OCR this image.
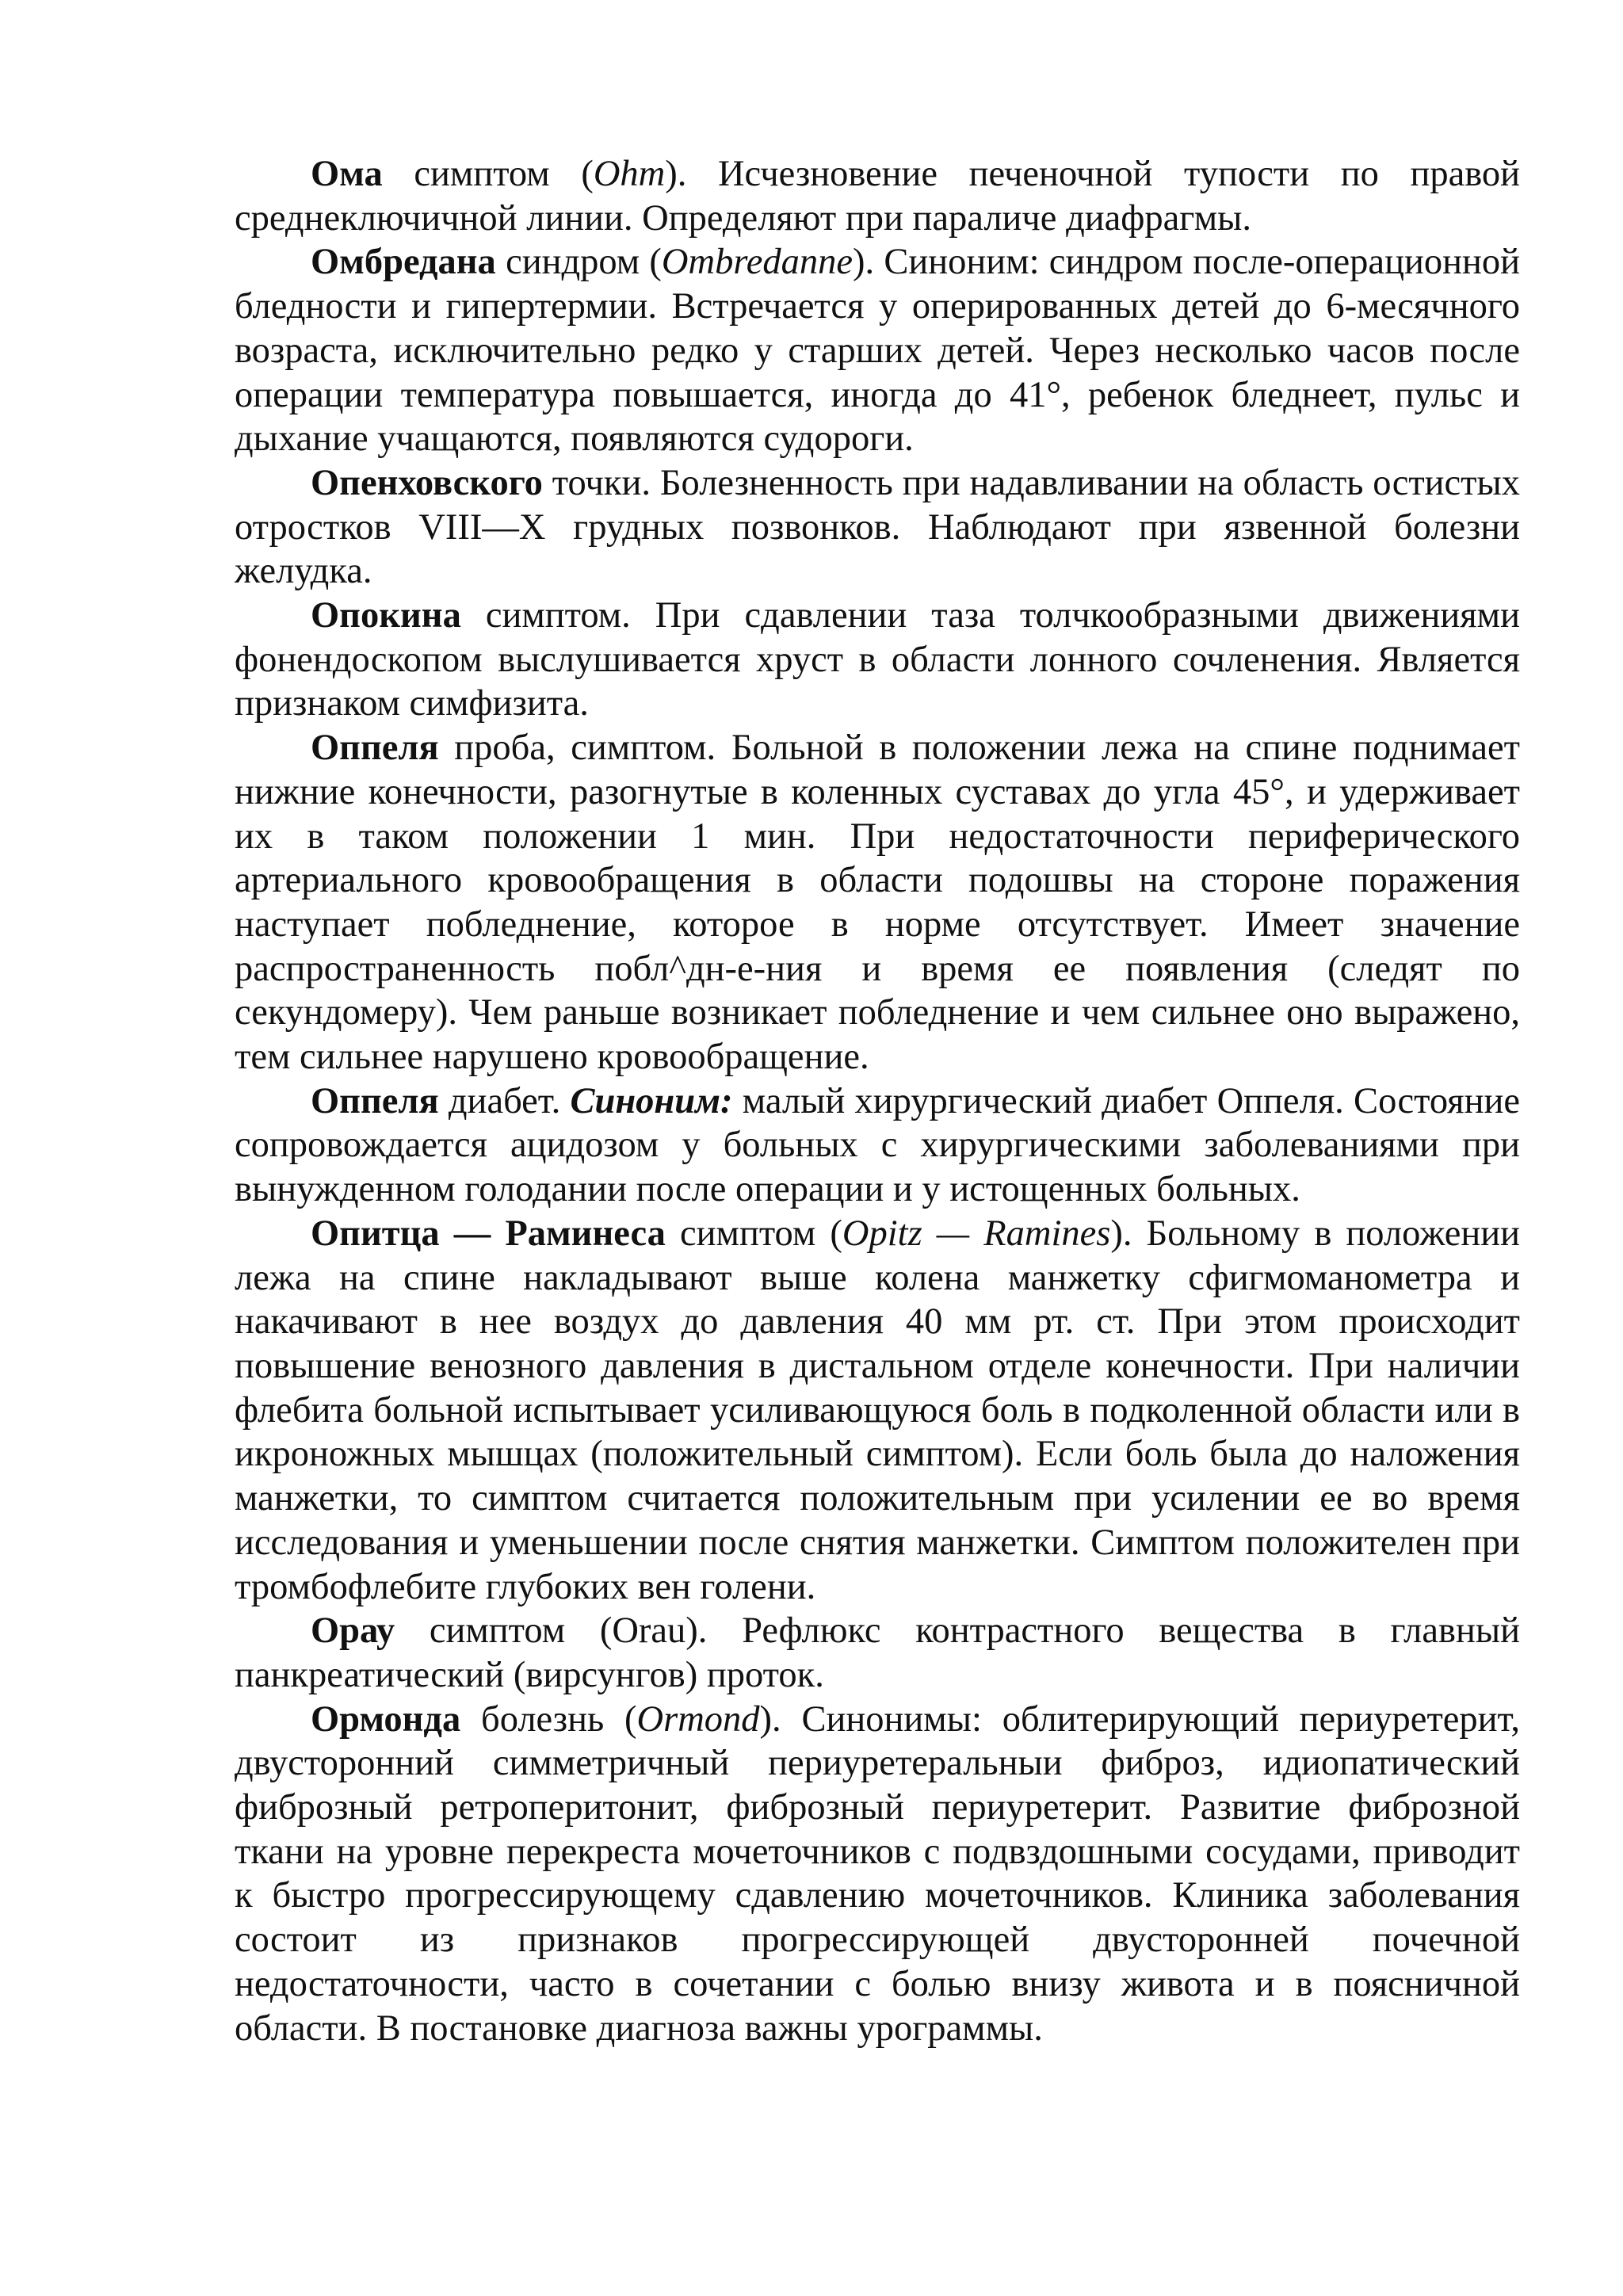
Ома симптом (Ohm). Исчезновение печеночной тупости по правой среднеключичной линии. Определяют при параличе диафрагмы.

Омбредана синдром (Ombredanne). Синоним: синдром после-операционной бледности и гипертермии. Встречается у оперированных детей до 6-месячного возраста, исключительно редко у старших детей. Через несколько часов после операции температура повышается, иногда до 41°, ребенок бледнеет, пульс и дыхание учащаются, появляются судороги.

Опенховского точки. Болезненность при надавливании на область остистых отростков VIII—X грудных позвонков. Наблюдают при язвенной болезни желудка.

Опокина симптом. При сдавлении таза толчкообразными движениями фонендоскопом выслушивается хруст в области лонного сочленения. Является признаком симфизита.

Оппеля проба, симптом. Больной в положении лежа на спине поднимает нижние конечности, разогнутые в коленных суставах до угла 45°, и удерживает их в таком положении 1 мин. При недостаточности периферического артериального кровообращения в области подошвы на стороне поражения наступает побледнение, которое в норме отсутствует. Имеет значение распространенность побл^дн-е-ния и время ее появления (следят по секундомеру). Чем раньше возникает побледнение и чем сильнее оно выражено, тем сильнее нарушено кровообращение.

Оппеля диабет. Синоним: малый хирургический диабет Оппеля. Состояние сопровождается ацидозом у больных с хирургическими заболеваниями при вынужденном голодании после операции и у истощенных больных.

Опитца — Раминеса симптом (Opitz — Ramines). Больному в положении лежа на спине накладывают выше колена манжетку сфигмоманометра и накачивают в нее воздух до давления 40 мм рт. ст. При этом происходит повышение венозного давления в дистальном отделе конечности. При наличии флебита больной испытывает усиливающуюся боль в подколенной области или в икроножных мышцах (положительный симптом). Если боль была до наложения манжетки, то симптом считается положительным при усилении ее во время исследования и уменьшении после снятия манжетки. Симптом положителен при тромбофлебите глубоких вен голени.

Орау симптом (Orau). Рефлюкс контрастного вещества в главный панкреатический (вирсунгов) проток.

Ормонда болезнь (Ormond). Синонимы: облитерирующий периуретерит, двусторонний симметричный периуретеральныи фиброз, идиопатический фиброзный ретроперитонит, фиброзный периуретерит. Развитие фиброзной ткани на уровне перекреста мочеточников с подвздошными сосудами, приводит к быстро прогрессирующему сдавлению мочеточников. Клиника заболевания состоит из признаков прогрессирующей двусторонней почечной недостаточности, часто в сочетании с болью внизу живота и в поясничной области. В постановке диагноза важны урограммы.
